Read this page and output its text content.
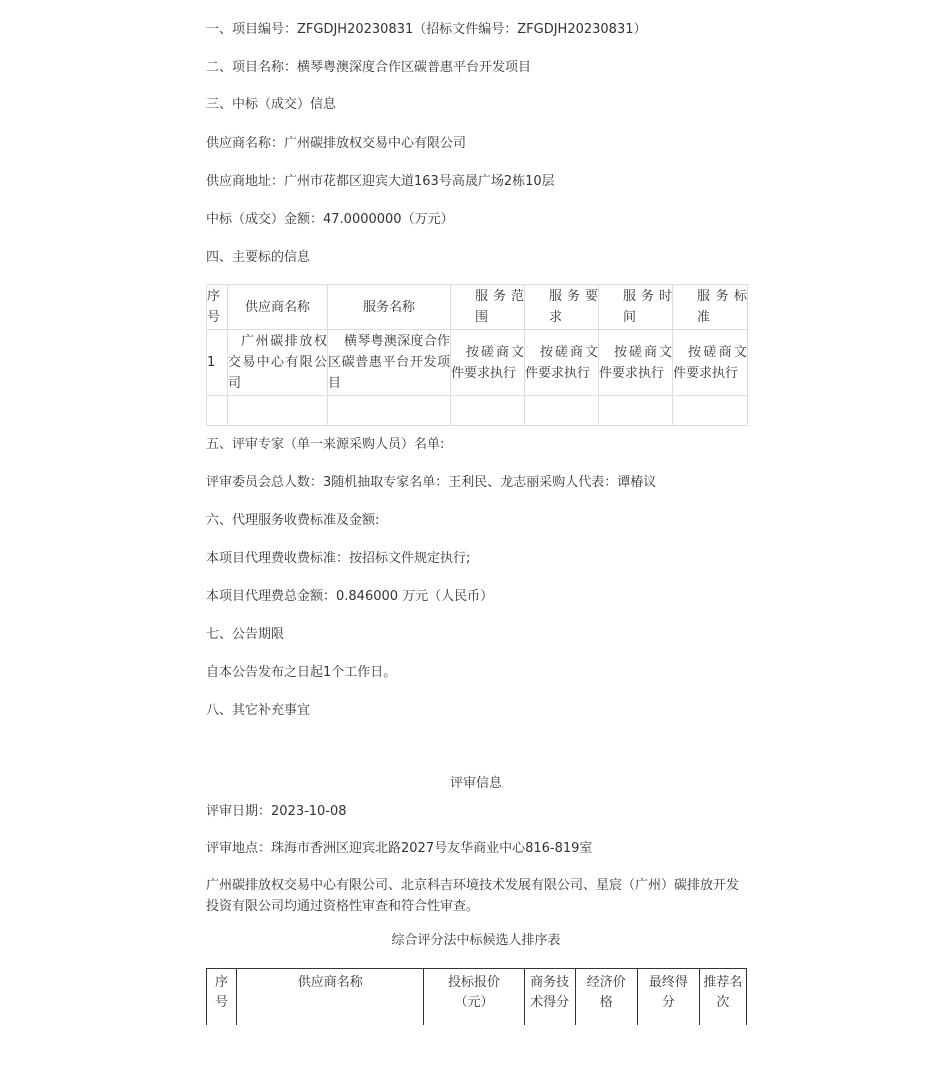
一、项目编号：ZFGDJH20230831（招标文件编号：ZFGDJH20230831）
二、项目名称：横琴粤澳深度合作区碳普惠平台开发项目
三、中标（成交）信息
供应商名称：广州碳排放权交易中心有限公司
供应商地址：广州市花都区迎宾大道163号高晟广场2栋10层
中标（成交）金额：47.0000000（万元）
四、主要标的信息
序号	供应商名称	服务名称	服务范围	服务要求	服务时间	服务标准

1	广州碳排放权交易中心有限公司	横琴粤澳深度合作区碳普惠平台开发项目	按磋商文件要求执行	按磋商文件要求执行	按磋商文件要求执行	按磋商文件要求执行

五、评审专家（单一来源采购人员）名单:
评审委员会总人数：3随机抽取专家名单：王利民、龙志丽采购人代表：谭椿议
六、代理服务收费标准及金额:
本项目代理费收费标准：按招标文件规定执行;
本项目代理费总金额：0.846000 万元（人民币）
七、公告期限
自本公告发布之日起1个工作日。
八、其它补充事宜
评审信息
评审日期：2023-10-08
评审地点：珠海市香洲区迎宾北路2027号友华商业中心816-819室
广州碳排放权交易中心有限公司、北京科吉环境技术发展有限公司、星宸（广州）碳排放开发投资有限公司均通过资格性审查和符合性审查。
综合评分法中标候选人排序表
序号	供应商名称	投标报价（元）	商务技术得分	经济价格	最终得分	推荐名次
